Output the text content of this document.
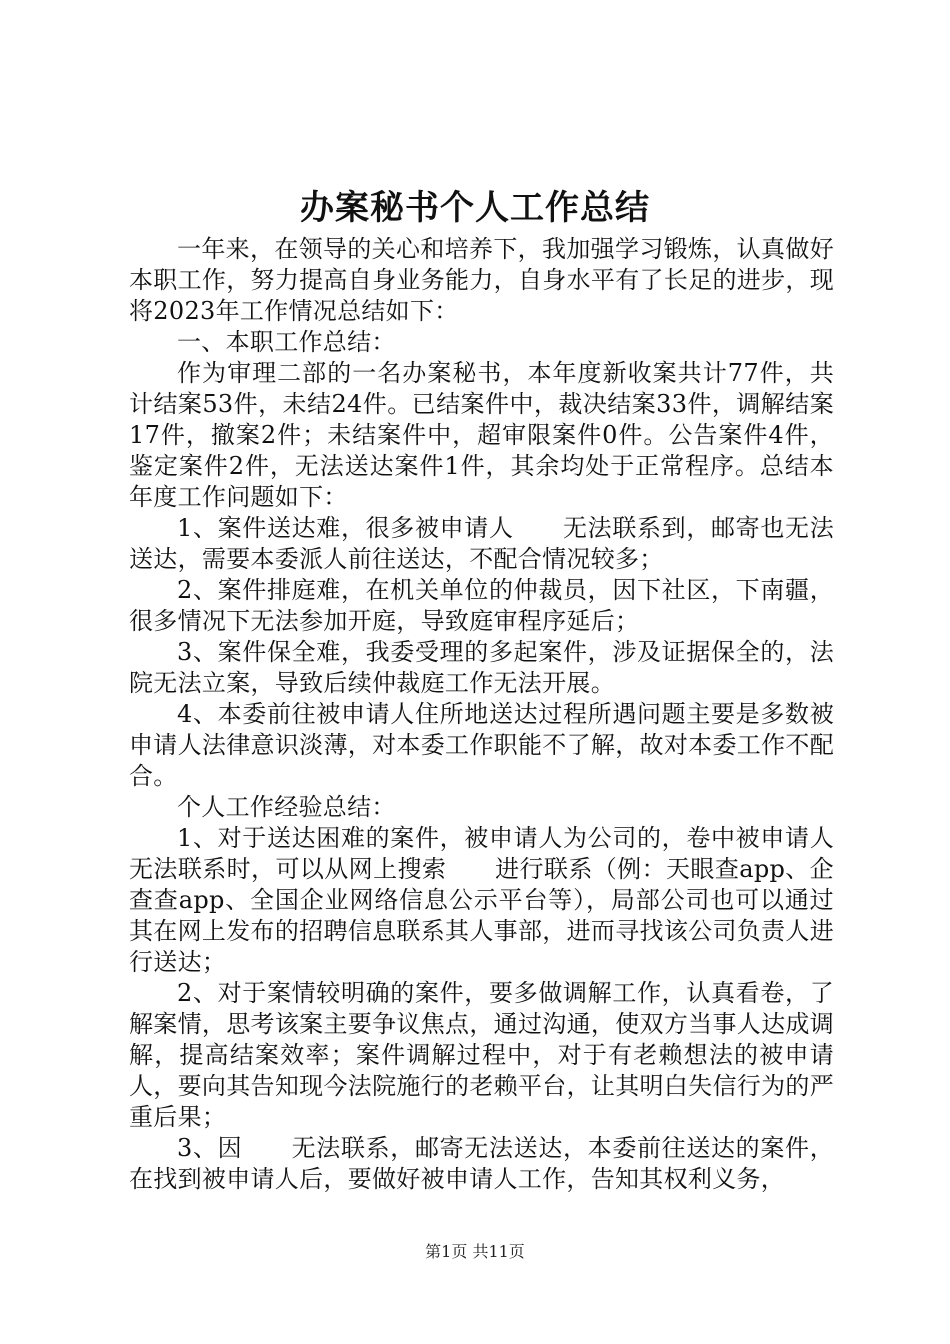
办案秘书个人工作总结

一年来，在领导的关心和培养下，我加强学习锻炼，认真做好本职工作，努力提高自身业务能力，自身水平有了长足的进步，现将2023年工作情况总结如下：

一、本职工作总结：

作为审理二部的一名办案秘书，本年度新收案共计77件，共计结案53件，未结24件。已结案件中，裁决结案33件，调解结案17件，撤案2件；未结案件中，超审限案件0件。公告案件4件，鉴定案件2件，无法送达案件1件，其余均处于正常程序。总结本年度工作问题如下：

1、案件送达难，很多被申请人　　无法联系到，邮寄也无法送达，需要本委派人前往送达，不配合情况较多；

2、案件排庭难，在机关单位的仲裁员，因下社区，下南疆，很多情况下无法参加开庭，导致庭审程序延后；

3、案件保全难，我委受理的多起案件，涉及证据保全的，法院无法立案，导致后续仲裁庭工作无法开展。

4、本委前往被申请人住所地送达过程所遇问题主要是多数被申请人法律意识淡薄，对本委工作职能不了解，故对本委工作不配合。

个人工作经验总结：

1、对于送达困难的案件，被申请人为公司的，卷中被申请人　　无法联系时，可以从网上搜索　　进行联系（例：天眼查app、企查查app、全国企业网络信息公示平台等），局部公司也可以通过其在网上发布的招聘信息联系其人事部，进而寻找该公司负责人进行送达；

2、对于案情较明确的案件，要多做调解工作，认真看卷，了解案情，思考该案主要争议焦点，通过沟通，使双方当事人达成调解，提高结案效率；案件调解过程中，对于有老赖想法的被申请人，要向其告知现今法院施行的老赖平台，让其明白失信行为的严重后果；

3、因　　无法联系，邮寄无法送达，本委前往送达的案件，在找到被申请人后，要做好被申请人工作，告知其权利义务，

第1页 共11页
